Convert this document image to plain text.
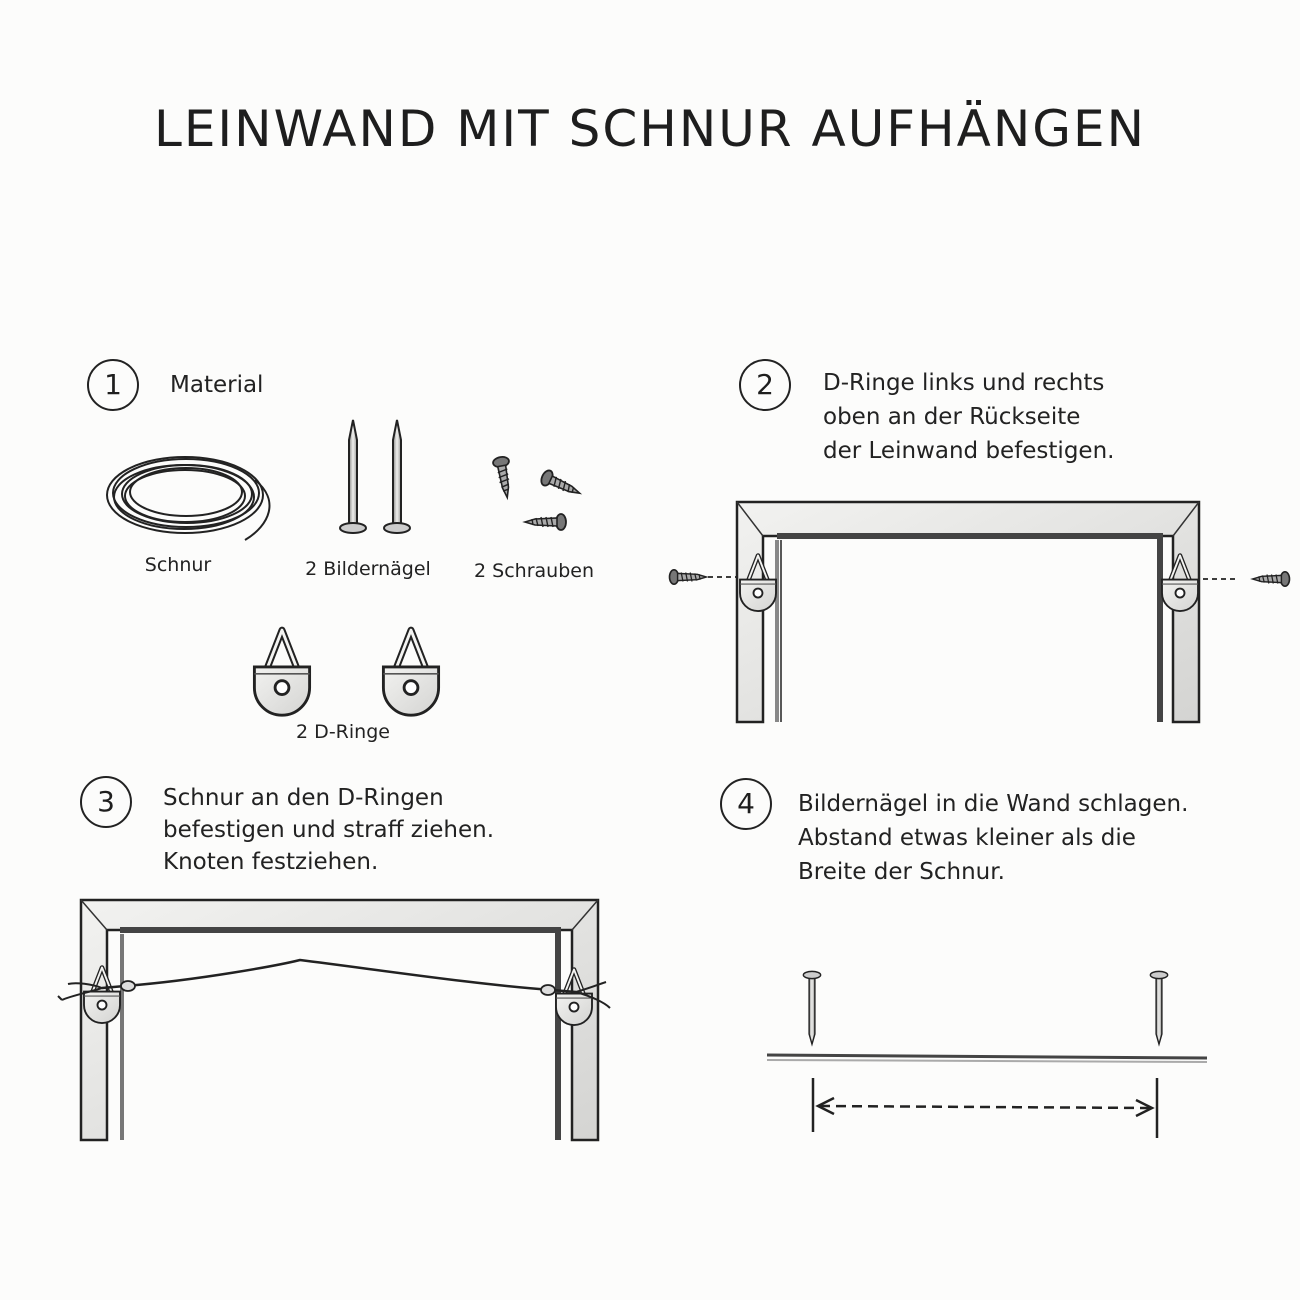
LEINWAND MIT SCHNUR AUFHÄNGEN
1	Material

Schnur	2 Bildernägel 2 Schrauben
2 D-Ringe
2	D-Ringe links und rechts

oben an der Rückseite

der Leinwand befestigen.

3	Schnur an den D-Ringen

befestigen und straff ziehen.

Knoten festziehen.

4	Bildernägel in die Wand schlagen.

Abstand etwas kleiner als die

Breite der Schnur.
